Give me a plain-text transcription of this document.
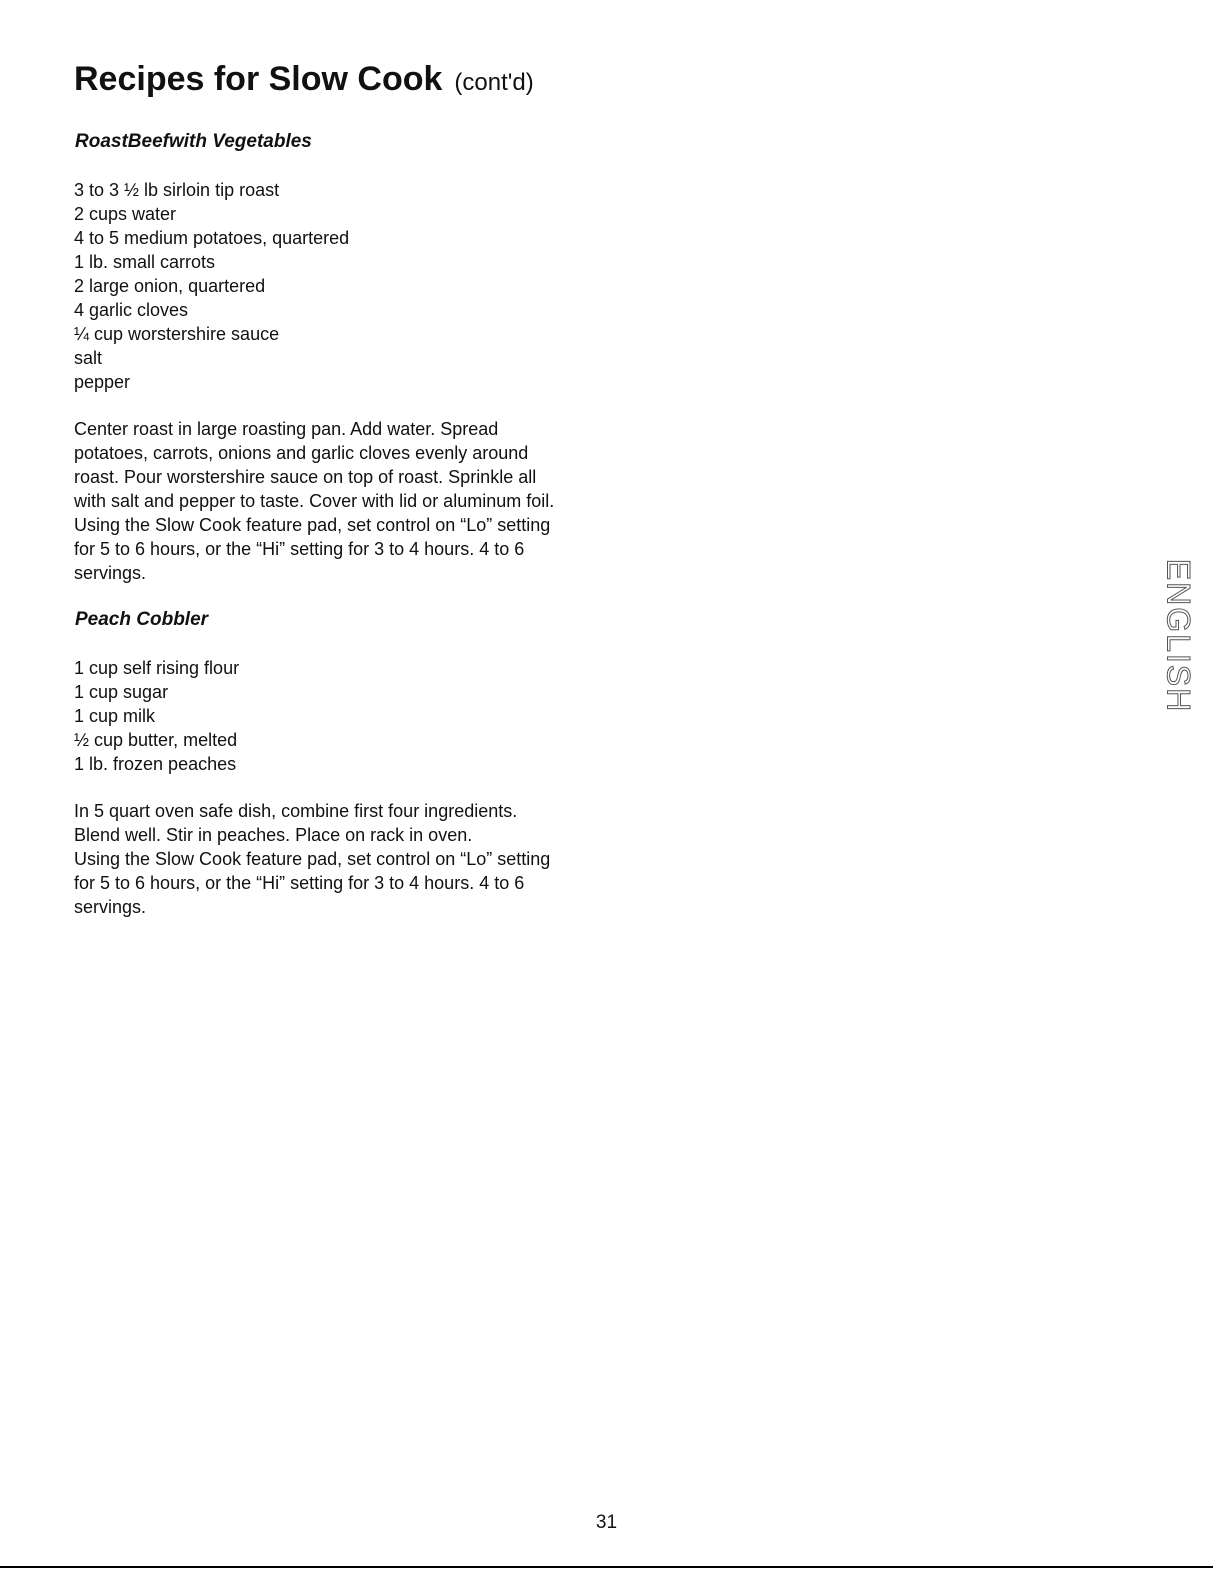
Recipes for Slow Cook (cont'd)
RoastBeefwith Vegetables
3 to 3 ½ lb sirloin tip roast
2 cups water
4 to 5 medium potatoes, quartered
1 lb. small carrots
2 large onion, quartered
4 garlic cloves
¼ cup worstershire sauce
salt
pepper

Center roast in large roasting pan. Add water. Spread
potatoes, carrots, onions and garlic cloves evenly around
roast. Pour worstershire sauce on top of roast. Sprinkle all
with salt and pepper to taste. Cover with lid or aluminum foil.
Using the Slow Cook feature pad, set control on “Lo” setting
for 5 to 6 hours, or the “Hi” setting for 3 to 4 hours. 4 to 6
servings.

Peach Cobbler
1 cup self rising flour
1 cup sugar
1 cup milk
½ cup butter, melted
1 lb. frozen peaches

In 5 quart oven safe dish, combine first four ingredients.
Blend well. Stir in peaches. Place on rack in oven.
Using the Slow Cook feature pad, set control on “Lo” setting
for 5 to 6 hours, or the “Hi” setting for 3 to 4 hours. 4 to 6
servings.

ENGLISH
31
